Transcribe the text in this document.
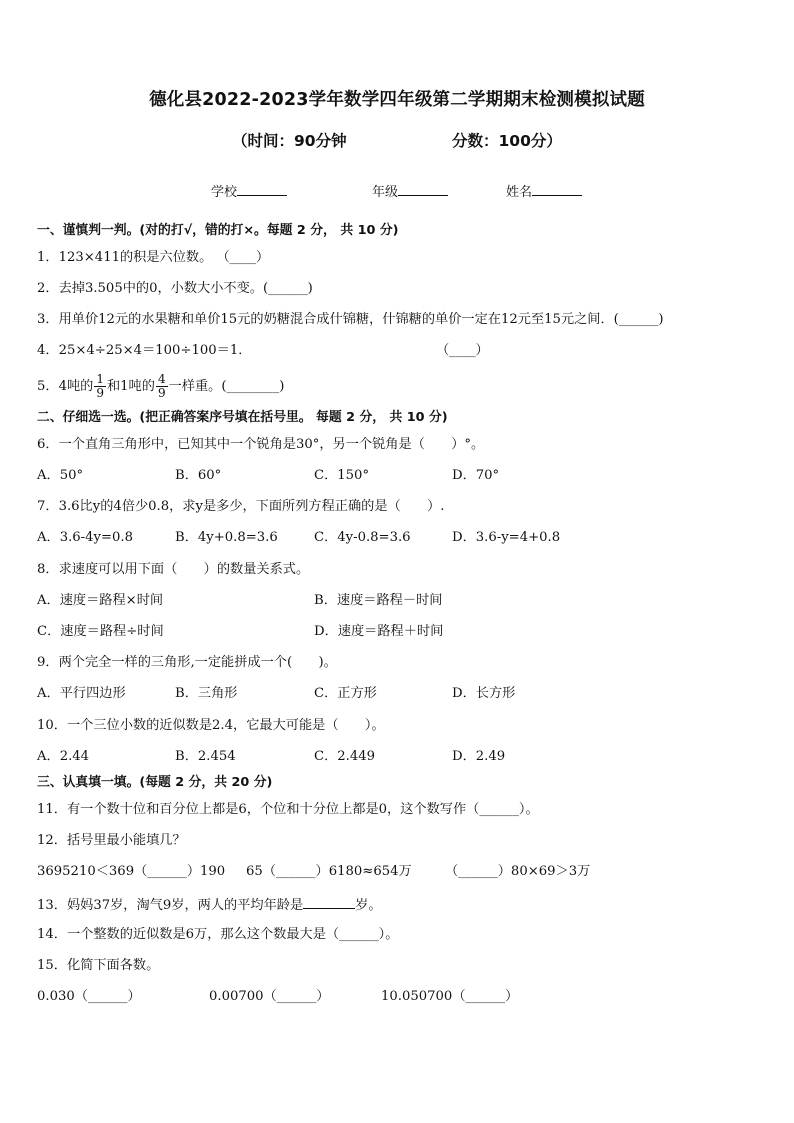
德化县2022-2023学年数学四年级第二学期期末检测模拟试题
（时间：90分钟	分数：100分）
学校	年级	姓名
一、谨慎判一判。(对的打√，错的打×。每题 2 分， 共 10 分)
1．123×411的积是六位数。 （____）
2．去掉3.505中的0，小数大小不变。(______)
3．用单价12元的水果糖和单价15元的奶糖混合成什锦糖，什锦糖的单价一定在12元至15元之间．(______)
4．25×4÷25×4＝100÷100＝1．	（____）
5．4吨的 $\frac{1}{9}$ 和1吨的 $\frac{4}{9}$ 一样重。(________)
二、仔细选一选。(把正确答案序号填在括号里。 每题 2 分， 共 10 分)
6．一个直角三角形中，已知其中一个锐角是30°，另一个锐角是（　　）°。
A．50°	B．60°	C．150°	D．70°
7．3.6比y的4倍少0.8，求y是多少，下面所列方程正确的是（　　）.
A．3.6-4y=0.8	B．4y+0.8=3.6	C．4y-0.8=3.6	D．3.6-y=4+0.8
8．求速度可以用下面（　　）的数量关系式。
A．速度＝路程×时间	B．速度＝路程－时间
C．速度＝路程÷时间	D．速度＝路程＋时间
9．两个完全一样的三角形,一定能拼成一个(　　)。
A．平行四边形	B．三角形	C．正方形	D．长方形
10．一个三位小数的近似数是2.4，它最大可能是（　　）。
A．2.44	B．2.454	C．2.449	D．2.49
三、认真填一填。(每题 2 分，共 20 分)
11．有一个数十位和百分位上都是6，个位和十分位上都是0，这个数写作（______）。
12．括号里最小能填几？
3695210＜369（______）190 65（______）6180≈654万	（______）80×69＞3万
13．妈妈37岁，淘气9岁，两人的平均年龄是	岁。
14．一个整数的近似数是6万，那么这个数最大是（______）。
15．化简下面各数。
0.030（______）	0.00700（______）	10.050700（______）
